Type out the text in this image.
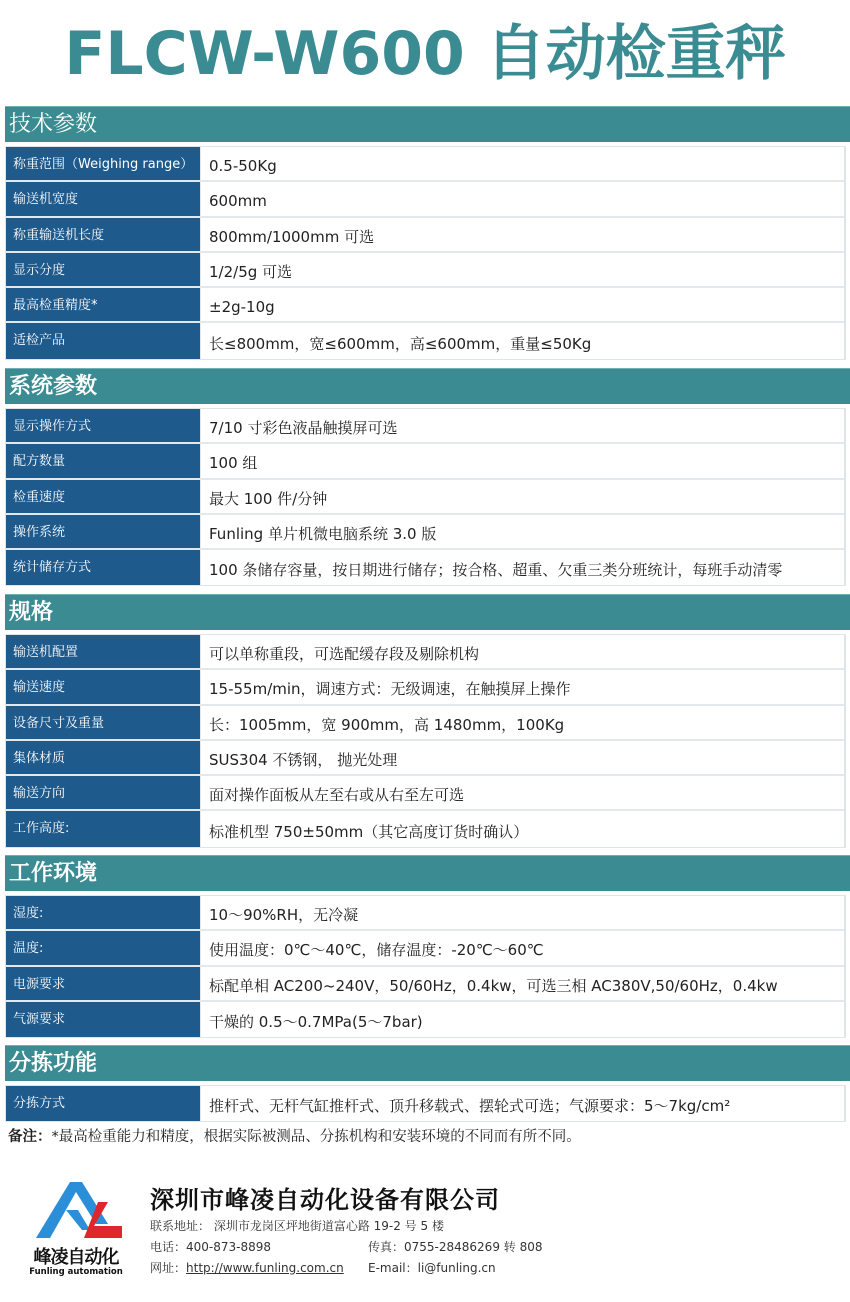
FLCW-W600 自动检重秤
技术参数
称重范围（Weighing range）	0.5-50Kg
输送机宽度	600mm
称重输送机长度	800mm/1000mm 可选
显示分度	1/2/5g 可选
最高检重精度*	±2g-10g
适检产品	长≤800mm，宽≤600mm，高≤600mm，重量≤50Kg
系统参数
显示操作方式	7/10 寸彩色液晶触摸屏可选
配方数量	100 组
检重速度	最大 100 件/分钟
操作系统	Funling 单片机微电脑系统 3.0 版
统计储存方式	100 条储存容量，按日期进行储存；按合格、超重、欠重三类分班统计，每班手动清零
规格
输送机配置	可以单称重段，可选配缓存段及剔除机构
输送速度	15-55m/min，调速方式：无级调速，在触摸屏上操作
设备尺寸及重量	长：1005mm，宽 900mm，高 1480mm，100Kg
集体材质	SUS304 不锈钢， 抛光处理
输送方向	面对操作面板从左至右或从右至左可选
工作高度:	标准机型 750±50mm（其它高度订货时确认）
工作环境
湿度:	10～90%RH，无冷凝
温度:	使用温度：0℃～40℃，储存温度：-20℃～60℃
电源要求	标配单相 AC200~240V，50/60Hz，0.4kw，可选三相 AC380V,50/60Hz，0.4kw
气源要求	干燥的 0.5～0.7MPa(5～7bar)
分拣功能
分拣方式	推杆式、无杆气缸推杆式、顶升移载式、摆轮式可选；气源要求：5～7kg/cm²
备注：*最高检重能力和精度，根据实际被测品、分拣机构和安装环境的不同而有所不同。
峰凌自动化
Funling automation
深圳市峰凌自动化设备有限公司
联系地址： 深圳市龙岗区坪地街道富心路 19-2 号 5 楼
电话：400-873-8898	传真：0755-28486269 转 808
网址：http://www.funling.com.cn E-mail：li@funling.cn
